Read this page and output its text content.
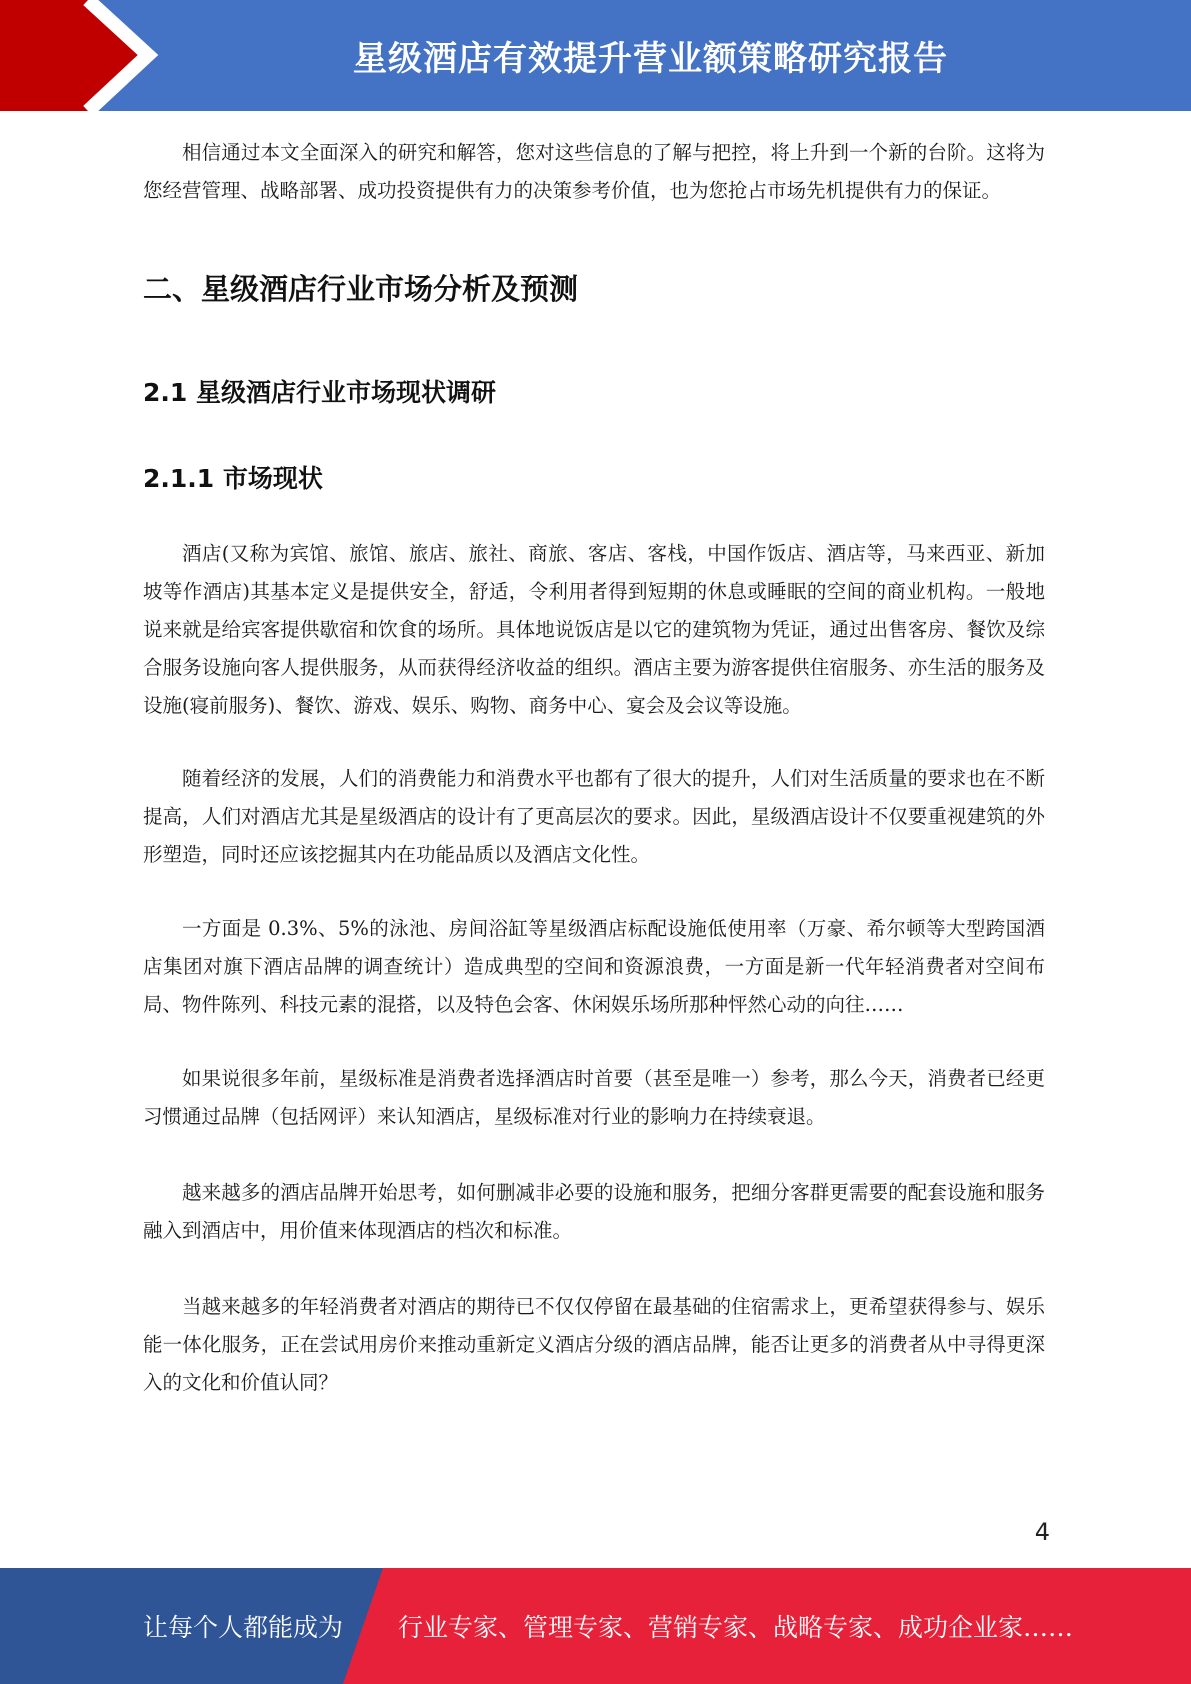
星级酒店有效提升营业额策略研究报告

相信通过本文全面深入的研究和解答，您对这些信息的了解与把控，将上升到一个新的台阶。这将为您经营管理、战略部署、成功投资提供有力的决策参考价值，也为您抢占市场先机提供有力的保证。

二、星级酒店行业市场分析及预测
2.1 星级酒店行业市场现状调研
2.1.1 市场现状

酒店(又称为宾馆、旅馆、旅店、旅社、商旅、客店、客栈，中国作饭店、酒店等，马来西亚、新加坡等作酒店)其基本定义是提供安全，舒适，令利用者得到短期的休息或睡眠的空间的商业机构。一般地说来就是给宾客提供歇宿和饮食的场所。具体地说饭店是以它的建筑物为凭证，通过出售客房、餐饮及综合服务设施向客人提供服务，从而获得经济收益的组织。酒店主要为游客提供住宿服务、亦生活的服务及设施(寝前服务)、餐饮、游戏、娱乐、购物、商务中心、宴会及会议等设施。

随着经济的发展，人们的消费能力和消费水平也都有了很大的提升，人们对生活质量的要求也在不断提高，人们对酒店尤其是星级酒店的设计有了更高层次的要求。因此，星级酒店设计不仅要重视建筑的外形塑造，同时还应该挖掘其内在功能品质以及酒店文化性。

一方面是 0.3%、5%的泳池、房间浴缸等星级酒店标配设施低使用率（万豪、希尔顿等大型跨国酒店集团对旗下酒店品牌的调查统计）造成典型的空间和资源浪费，一方面是新一代年轻消费者对空间布局、物件陈列、科技元素的混搭，以及特色会客、休闲娱乐场所那种怦然心动的向往……

如果说很多年前，星级标准是消费者选择酒店时首要（甚至是唯一）参考，那么今天，消费者已经更习惯通过品牌（包括网评）来认知酒店，星级标准对行业的影响力在持续衰退。

越来越多的酒店品牌开始思考，如何删减非必要的设施和服务，把细分客群更需要的配套设施和服务融入到酒店中，用价值来体现酒店的档次和标准。

当越来越多的年轻消费者对酒店的期待已不仅仅停留在最基础的住宿需求上，更希望获得参与、娱乐能一体化服务，正在尝试用房价来推动重新定义酒店分级的酒店品牌，能否让更多的消费者从中寻得更深入的文化和价值认同？

4
让每个人都能成为 行业专家、管理专家、营销专家、战略专家、成功企业家……
